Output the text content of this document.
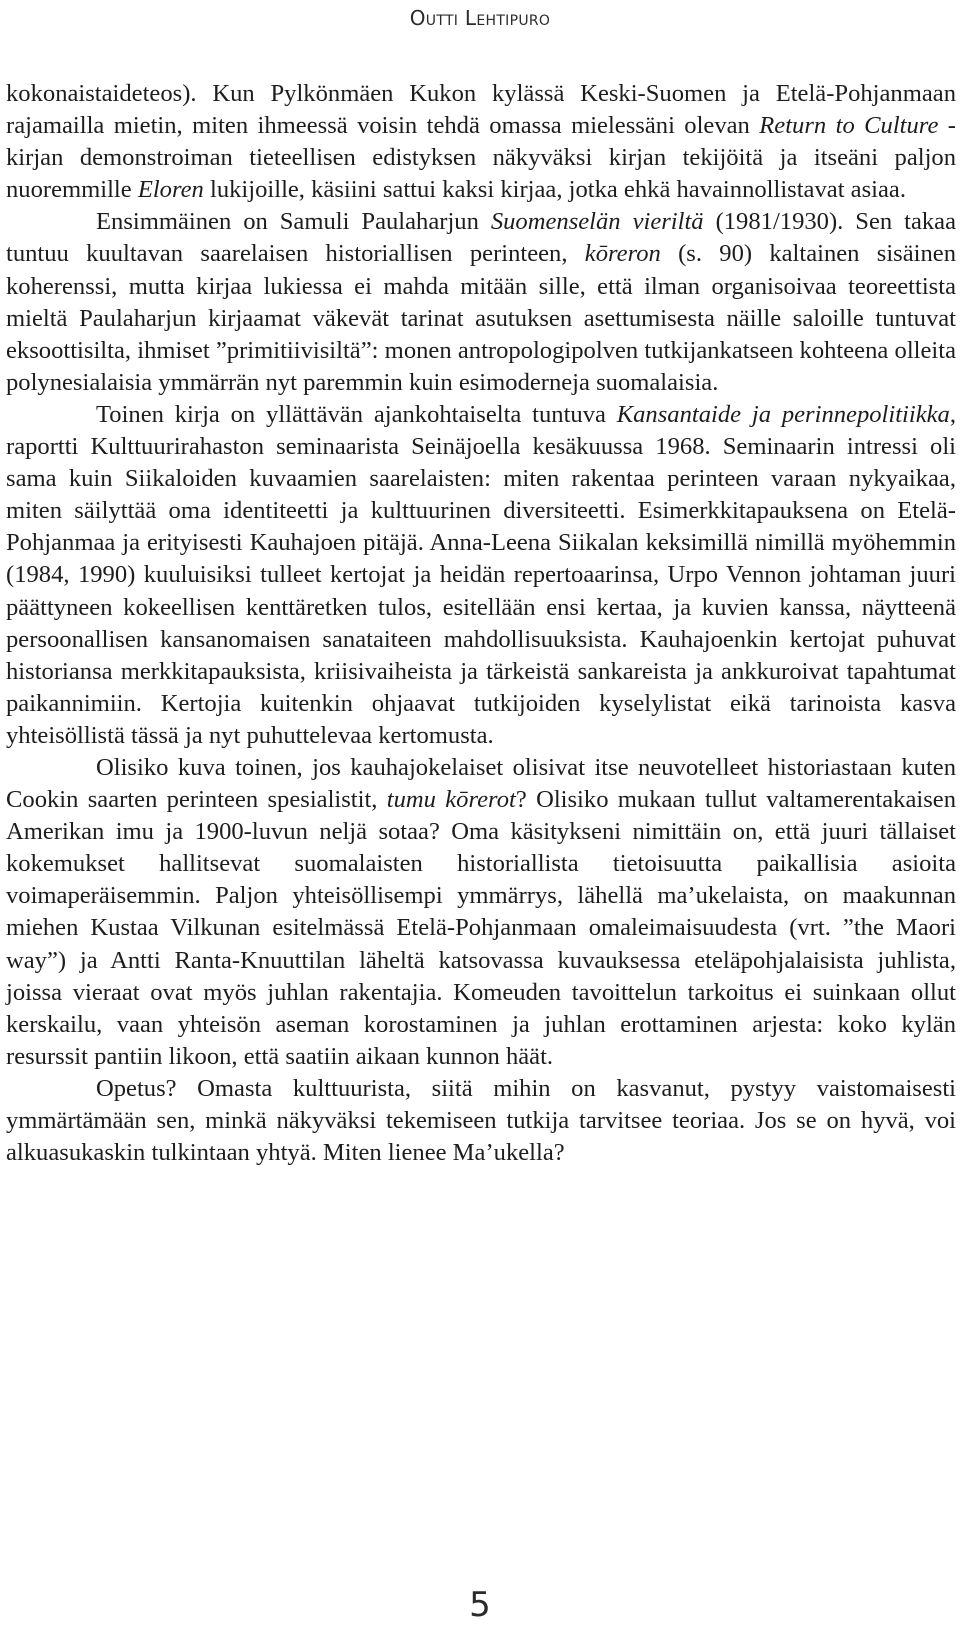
Outti Lehtipuro

kokonaistaideteos). Kun Pylkönmäen Kukon kylässä Keski-Suomen ja Etelä-Pohjanmaan rajamailla mietin, miten ihmeessä voisin tehdä omassa mielessäni olevan Return to Culture -kirjan demonstroiman tieteellisen edistyksen näkyväksi kirjan tekijöitä ja itseäni paljon nuoremmille Eloren lukijoille, käsiini sattui kaksi kirjaa, jotka ehkä havainnollistavat asiaa.

Ensimmäinen on Samuli Paulaharjun Suomenselän vieriltä (1981/1930). Sen takaa tuntuu kuultavan saarelaisen historiallisen perinteen, kōreron (s. 90) kaltainen sisäinen koherenssi, mutta kirjaa lukiessa ei mahda mitään sille, että ilman organisoivaa teoreettista mieltä Paulaharjun kirjaamat väkevät tarinat asutuksen asettumisesta näille saloille tuntuvat eksoottisilta, ihmiset ”primitiivisiltä”: monen antropologipolven tutkijankatseen kohteena olleita polynesialaisia ymmärrän nyt paremmin kuin esimoderneja suomalaisia.

Toinen kirja on yllättävän ajankohtaiselta tuntuva Kansantaide ja perinnepolitiikka, raportti Kulttuurirahaston seminaarista Seinäjoella kesäkuussa 1968. Seminaarin intressi oli sama kuin Siikaloiden kuvaamien saarelaisten: miten rakentaa perinteen varaan nykyaikaa, miten säilyttää oma identiteetti ja kulttuurinen diversiteetti. Esimerkkitapauksena on Etelä-Pohjanmaa ja erityisesti Kauhajoen pitäjä. Anna-Leena Siikalan keksimillä nimillä myöhemmin (1984, 1990) kuuluisiksi tulleet kertojat ja heidän repertoaarinsa, Urpo Vennon johtaman juuri päättyneen kokeellisen kenttäretken tulos, esitellään ensi kertaa, ja kuvien kanssa, näytteenä persoonallisen kansanomaisen sanataiteen mahdollisuuksista. Kauhajoenkin kertojat puhuvat historiansa merkkitapauksista, kriisivaiheista ja tärkeistä sankareista ja ankkuroivat tapahtumat paikannimiin. Kertojia kuitenkin ohjaavat tutkijoiden kyselylistat eikä tarinoista kasva yhteisöllistä tässä ja nyt puhuttelevaa kertomusta.

Olisiko kuva toinen, jos kauhajokelaiset olisivat itse neuvotelleet historiastaan kuten Cookin saarten perinteen spesialistit, tumu kōrerot? Olisiko mukaan tullut valtamerentakaisen Amerikan imu ja 1900-luvun neljä sotaa? Oma käsitykseni nimittäin on, että juuri tällaiset kokemukset hallitsevat suomalaisten historiallista tietoisuutta paikallisia asioita voimaperäisemmin. Paljon yhteisöllisempi ymmärrys, lähellä ma’ukelaista, on maakunnan miehen Kustaa Vilkunan esitelmässä Etelä-Pohjanmaan omaleimaisuudesta (vrt. ”the Maori way”) ja Antti Ranta-Knuuttilan läheltä katsovassa kuvauksessa eteläpohjalaisista juhlista, joissa vieraat ovat myös juhlan rakentajia. Komeuden tavoittelun tarkoitus ei suinkaan ollut kerskailu, vaan yhteisön aseman korostaminen ja juhlan erottaminen arjesta: koko kylän resurssit pantiin likoon, että saatiin aikaan kunnon häät.

Opetus? Omasta kulttuurista, siitä mihin on kasvanut, pystyy vaistomaisesti ymmärtämään sen, minkä näkyväksi tekemiseen tutkija tarvitsee teoriaa. Jos se on hyvä, voi alkuasukaskin tulkintaan yhtyä. Miten lienee Ma’ukella?

5
